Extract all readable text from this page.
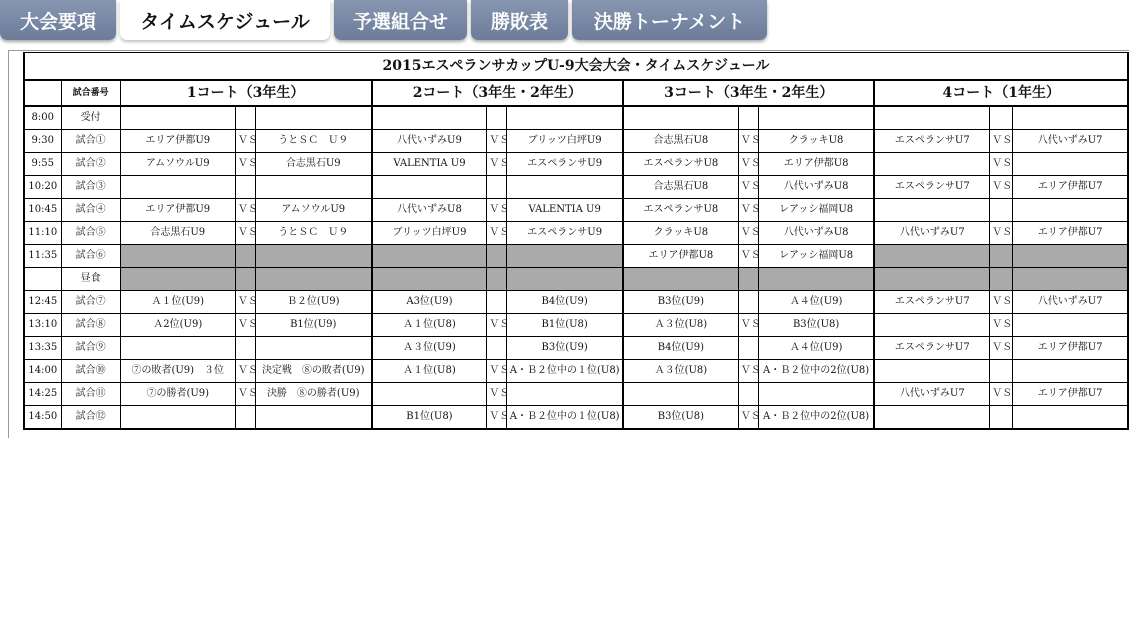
大会要項	タイムスケジュール	予選組合せ	勝敗表	決勝トーナメント
2015エスペランサカップU-9大会大会・タイムスケジュール													
	試合番号	1コート（3年生）			2コート（3年生・2年生）			3コート（3年生・2年生）			4コート（1年生）		
8:00	受付												
9:30	試合①	エリア伊都U9	ＶＳ	うとＳＣ　Ｕ９	八代いずみU9	ＶＳ	ブリッツ白坪U9	合志黒石U8	ＶＳ	クラッキU8	エスペランサU7	ＶＳ	八代いずみU7
9:55	試合②	アムソウルU9	ＶＳ	合志黒石U9	VALENTIA U9	ＶＳ	エスペランサU9	エスペランサU8	ＶＳ	エリア伊都U8		ＶＳ	
10:20	試合③							合志黒石U8	ＶＳ	八代いずみU8	エスペランサU7	ＶＳ	エリア伊都U7
10:45	試合④	エリア伊都U9	ＶＳ	アムソウルU9	八代いずみU8	ＶＳ	VALENTIA U9	エスペランサU8	ＶＳ	レアッシ福岡U8			
11:10	試合⑤	合志黒石U9	ＶＳ	うとＳＣ　Ｕ９	ブリッツ白坪U9	ＶＳ	エスペランサU9	クラッキU8	ＶＳ	八代いずみU8	八代いずみU7	ＶＳ	エリア伊都U7
11:35	試合⑥							エリア伊都U8	ＶＳ	レアッシ福岡U8			
	昼食												
12:45	試合⑦	Ａ１位(U9)	ＶＳ	Ｂ２位(U9)	A3位(U9)		B4位(U9)	B3位(U9)		Ａ４位(U9)	エスペランサU7	ＶＳ	八代いずみU7
13:10	試合⑧	Ａ2位(U9)	ＶＳ	B1位(U9)	Ａ１位(U8)	ＶＳ	B1位(U8)	Ａ３位(U8)	ＶＳ	B3位(U8)		ＶＳ	
13:35	試合⑨				Ａ３位(U9)		B3位(U9)	B4位(U9)		Ａ４位(U9)	エスペランサU7	ＶＳ	エリア伊都U7
14:00	試合⑩	⑦の敗者(U9)　３位	ＶＳ	決定戦　⑧の敗者(U9)	Ａ１位(U8)	ＶＳ	A・Ｂ２位中の１位(U8)	Ａ３位(U8)	ＶＳ	A・Ｂ２位中の2位(U8)			
14:25	試合⑪	⑦の勝者(U9)	ＶＳ	決勝　⑧の勝者(U9)		ＶＳ					八代いずみU7	ＶＳ	エリア伊都U7
14:50	試合⑫				B1位(U8)	ＶＳ	A・Ｂ２位中の１位(U8)	B3位(U8)	ＶＳ	A・Ｂ２位中の2位(U8)			
